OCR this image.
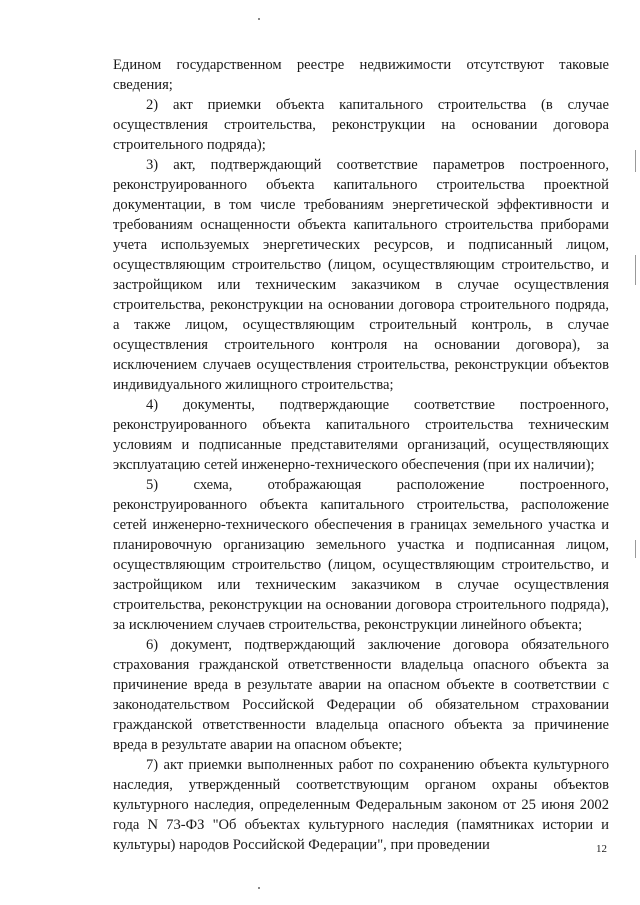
Едином государственном реестре недвижимости отсутствуют таковые сведения;

2) акт приемки объекта капитального строительства (в случае осуществления строительства, реконструкции на основании договора строительного подряда);

3) акт, подтверждающий соответствие параметров построенного, реконструированного объекта капитального строительства проектной документации, в том числе требованиям энергетической эффективности и требованиям оснащенности объекта капитального строительства приборами учета используемых энергетических ресурсов, и подписанный лицом, осуществляющим строительство (лицом, осуществляющим строительство, и застройщиком или техническим заказчиком в случае осуществления строительства, реконструкции на основании договора строительного подряда, а также лицом, осуществляющим строительный контроль, в случае осуществления строительного контроля на основании договора), за исключением случаев осуществления строительства, реконструкции объектов индивидуального жилищного строительства;

4) документы, подтверждающие соответствие построенного, реконструированного объекта капитального строительства техническим условиям и подписанные представителями организаций, осуществляющих эксплуатацию сетей инженерно-технического обеспечения (при их наличии);

5) схема, отображающая расположение построенного, реконструированного объекта капитального строительства, расположение сетей инженерно-технического обеспечения в границах земельного участка и планировочную организацию земельного участка и подписанная лицом, осуществляющим строительство (лицом, осуществляющим строительство, и застройщиком или техническим заказчиком в случае осуществления строительства, реконструкции на основании договора строительного подряда), за исключением случаев строительства, реконструкции линейного объекта;

6) документ, подтверждающий заключение договора обязательного страхования гражданской ответственности владельца опасного объекта за причинение вреда в результате аварии на опасном объекте в соответствии с законодательством Российской Федерации об обязательном страховании гражданской ответственности владельца опасного объекта за причинение вреда в результате аварии на опасном объекте;

7) акт приемки выполненных работ по сохранению объекта культурного наследия, утвержденный соответствующим органом охраны объектов культурного наследия, определенным Федеральным законом от 25 июня 2002 года N 73-ФЗ "Об объектах культурного наследия (памятниках истории и культуры) народов Российской Федерации", при проведении	12
